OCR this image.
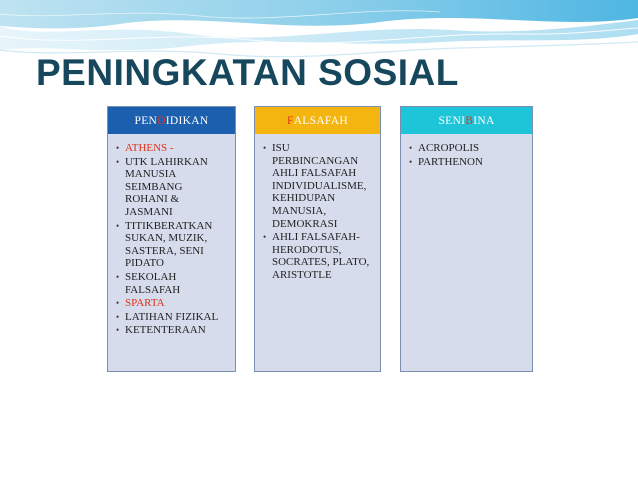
PENINGKATAN SOSIAL
PEN D IDIKAN
• ATHENS -
• UTK LAHIRKAN MANUSIA SEIMBANG ROHANI & JASMANI
• TITIKBERATKAN SUKAN, MUZIK, SASTERA, SENI PIDATO
• SEKOLAH FALSAFAH
• SPARTA
• LATIHAN FIZIKAL
• KETENTERAAN
F ALSAFAH
• ISU PERBINCANGAN AHLI FALSAFAH INDIVIDUALISME, KEHIDUPAN MANUSIA, DEMOKRASI
• AHLI FALSAFAH- HERODOTUS, SOCRATES, PLATO, ARISTOTLE
SENI B INA
• ACROPOLIS
• PARTHENON
